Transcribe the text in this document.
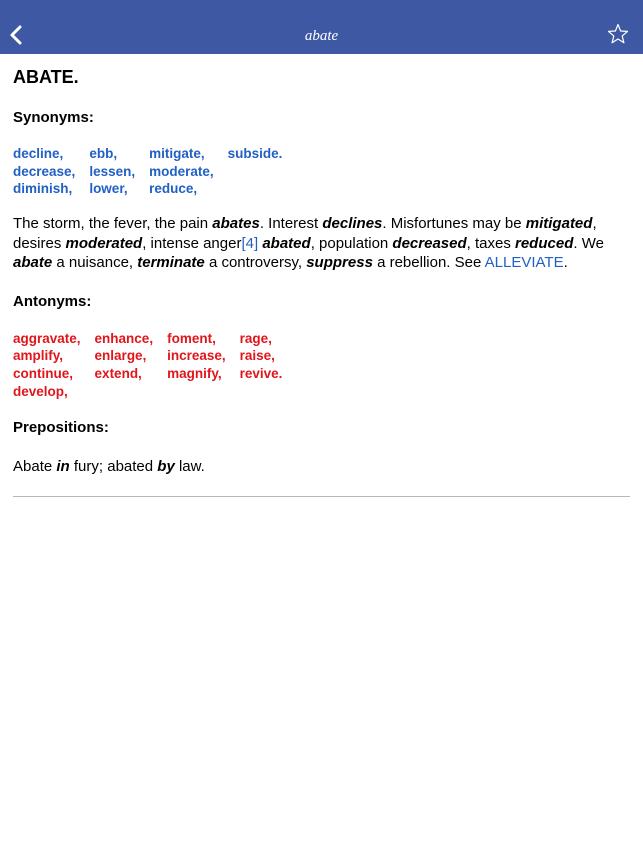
abate
ABATE.
Synonyms:
decline,
decrease,
diminish,
ebb,
lessen,
lower,
mitigate,
moderate,
reduce,
subside.

The storm, the fever, the pain abates. Interest declines. Misfortunes may be mitigated, desires moderated, intense anger[4] abated, population decreased, taxes reduced. We abate a nuisance, terminate a controversy, suppress a rebellion. See ALLEVIATE.

Antonyms:
aggravate,
amplify,
continue,
develop,
enhance,
enlarge,
extend,
foment,
increase,
magnify,
rage,
raise,
revive.
Prepositions:

Abate in fury; abated by law.
